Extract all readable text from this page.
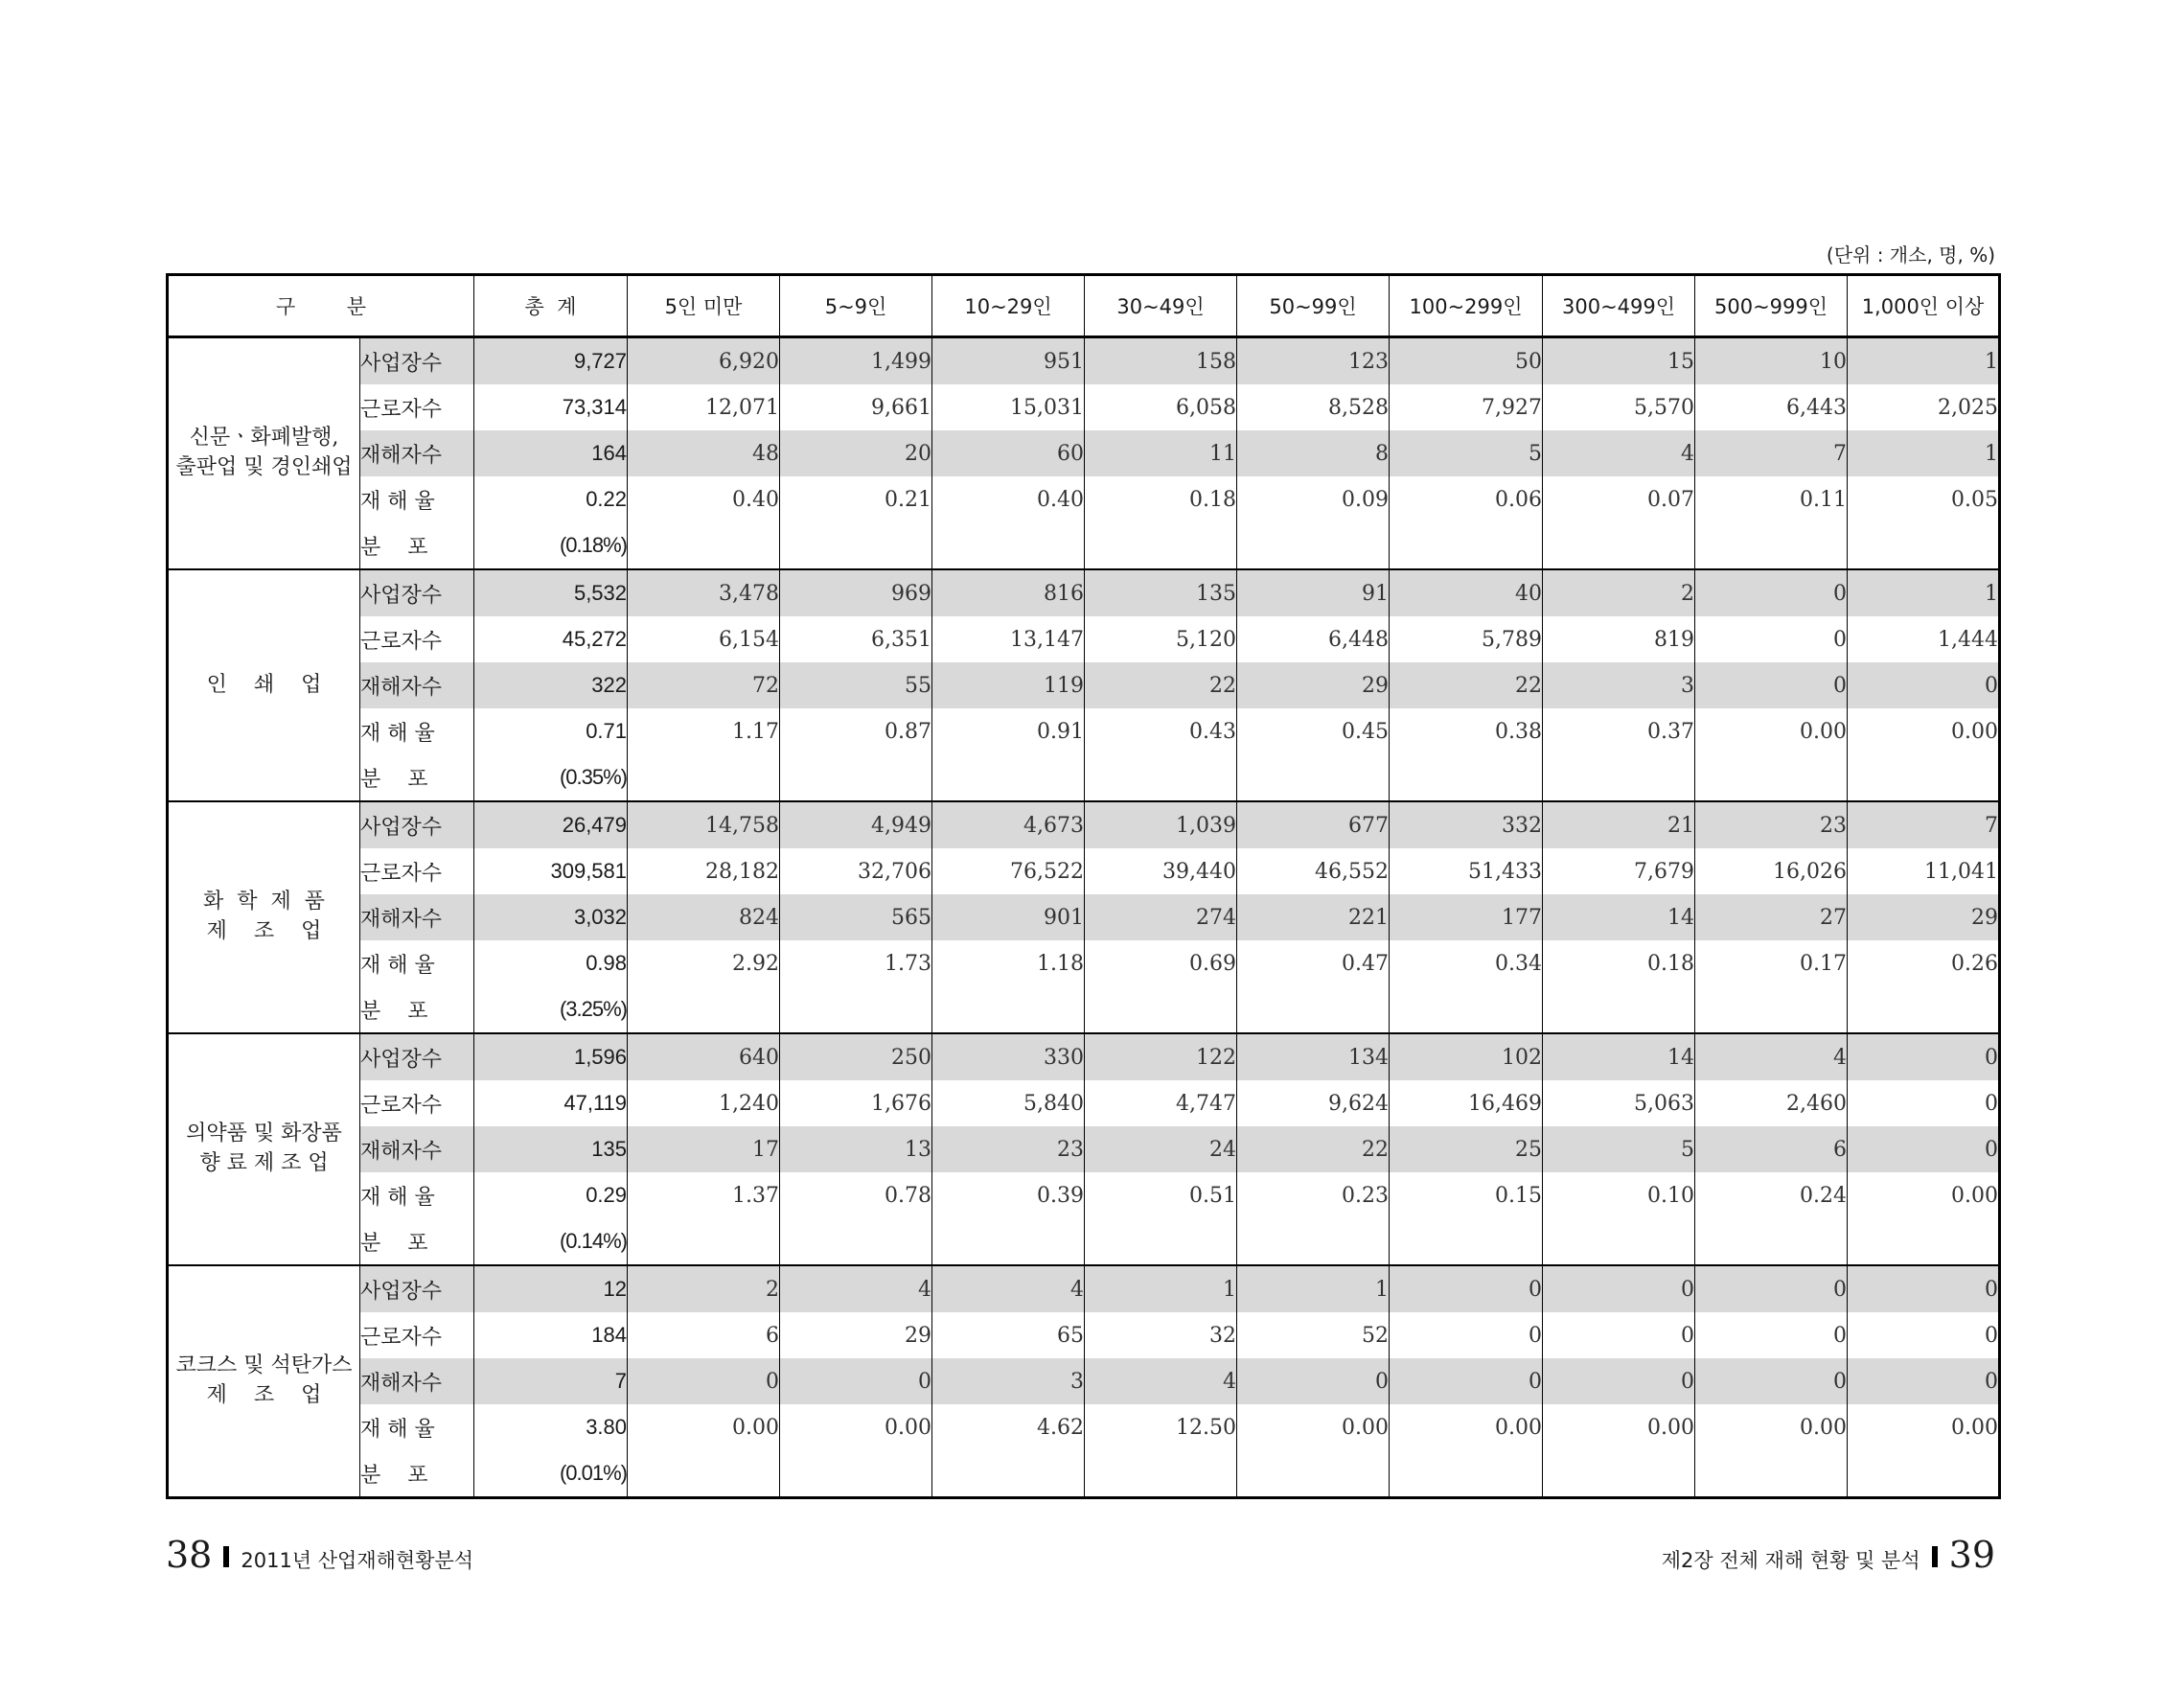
(단위 : 개소, 명, %)
구        분		총  계	5인 미만	5~9인	10~29인	30~49인	50~99인	100~299인	300~499인	500~999인	1,000인 이상

신문ㆍ화폐발행,
출판업 및 경인쇄업	사업장수	9,727	6,920	1,499	951	158	123	50	15	10	1
	근로자수	73,314	12,071	9,661	15,031	6,058	8,528	7,927	5,570	6,443	2,025
	재해자수	164	48	20	60	11	8	5	4	7	1
	재 해 율	0.22	0.40	0.21	0.40	0.18	0.09	0.06	0.07	0.11	0.05
	분    포	(0.18%)									

인    쇄    업	사업장수	5,532	3,478	969	816	135	91	40	2	0	1
	근로자수	45,272	6,154	6,351	13,147	5,120	6,448	5,789	819	0	1,444
	재해자수	322	72	55	119	22	29	22	3	0	0
	재 해 율	0.71	1.17	0.87	0.91	0.43	0.45	0.38	0.37	0.00	0.00
	분    포	(0.35%)									

화  학  제  품
제    조    업	사업장수	26,479	14,758	4,949	4,673	1,039	677	332	21	23	7
	근로자수	309,581	28,182	32,706	76,522	39,440	46,552	51,433	7,679	16,026	11,041
	재해자수	3,032	824	565	901	274	221	177	14	27	29
	재 해 율	0.98	2.92	1.73	1.18	0.69	0.47	0.34	0.18	0.17	0.26
	분    포	(3.25%)									

의약품 및 화장품
향 료 제 조 업	사업장수	1,596	640	250	330	122	134	102	14	4	0
	근로자수	47,119	1,240	1,676	5,840	4,747	9,624	16,469	5,063	2,460	0
	재해자수	135	17	13	23	24	22	25	5	6	0
	재 해 율	0.29	1.37	0.78	0.39	0.51	0.23	0.15	0.10	0.24	0.00
	분    포	(0.14%)									

코크스 및 석탄가스
제    조    업	사업장수	12	2	4	4	1	1	0	0	0	0
	근로자수	184	6	29	65	32	52	0	0	0	0
	재해자수	7	0	0	3	4	0	0	0	0	0
	재 해 율	3.80	0.00	0.00	4.62	12.50	0.00	0.00	0.00	0.00	0.00
	분    포	(0.01%)									
38 2011년 산업재해현황분석	제2장 전체 재해 현황 및 분석 39
